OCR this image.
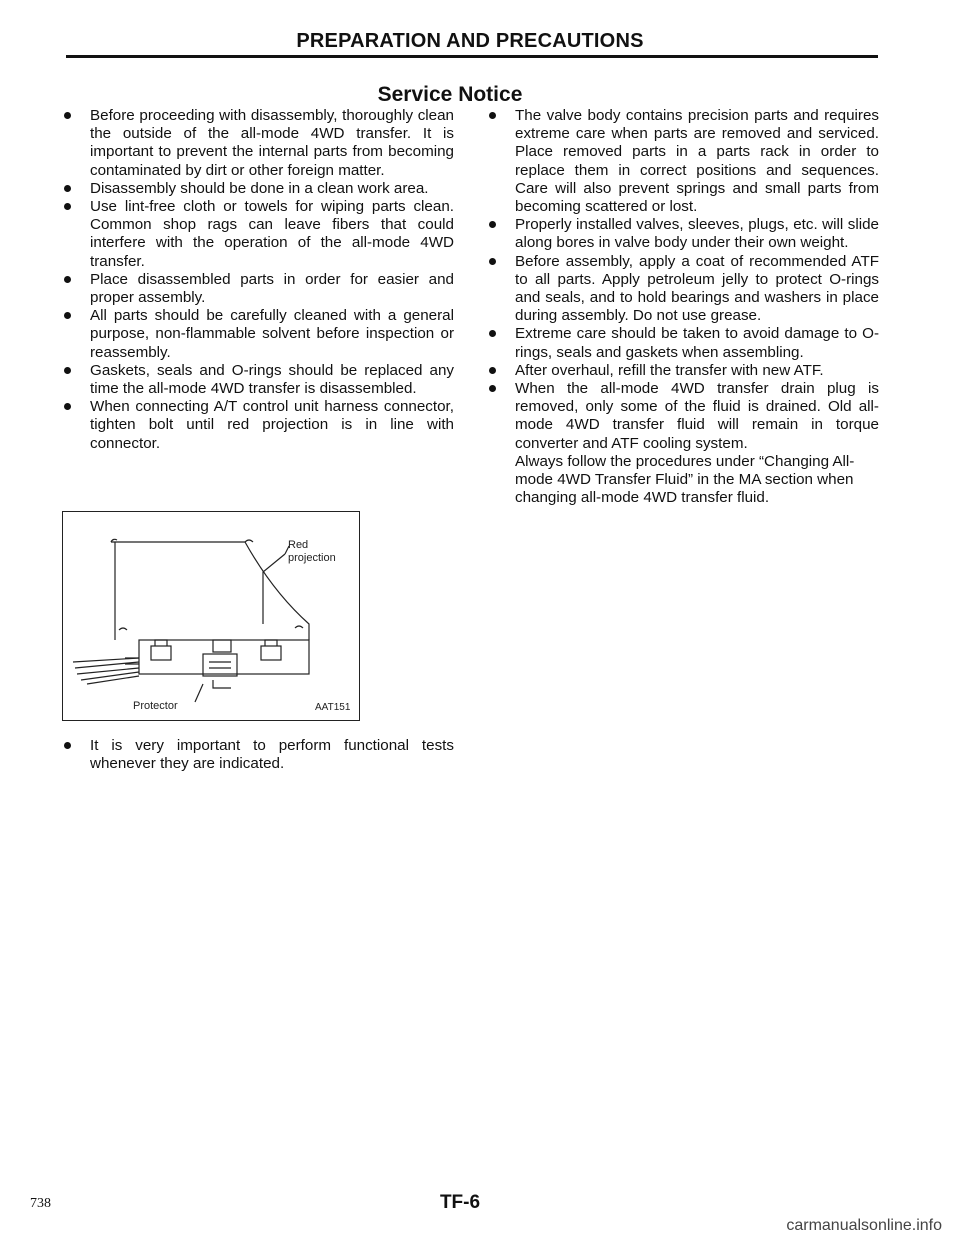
PREPARATION AND PRECAUTIONS
Service Notice

Before proceeding with disassembly, thoroughly clean the outside of the all-mode 4WD transfer. It is important to prevent the internal parts from becoming contaminated by dirt or other foreign matter.

Disassembly should be done in a clean work area.

Use lint-free cloth or towels for wiping parts clean. Common shop rags can leave fibers that could interfere with the operation of the all-mode 4WD transfer.

Place disassembled parts in order for easier and proper assembly.

All parts should be carefully cleaned with a general purpose, non-flammable solvent before inspection or reassembly.

Gaskets, seals and O-rings should be replaced any time the all-mode 4WD transfer is disassembled.

When connecting A/T control unit harness connector, tighten bolt until red projection is in line with connector.

Red
projection
Protector	AAT151

It is very important to perform functional tests whenever they are indicated.

The valve body contains precision parts and requires extreme care when parts are removed and serviced. Place removed parts in a parts rack in order to replace them in correct positions and sequences. Care will also prevent springs and small parts from becoming scattered or lost.

Properly installed valves, sleeves, plugs, etc. will slide along bores in valve body under their own weight.

Before assembly, apply a coat of recommended ATF to all parts. Apply petroleum jelly to protect O-rings and seals, and to hold bearings and washers in place during assembly. Do not use grease.

Extreme care should be taken to avoid damage to O-rings, seals and gaskets when assembling.

After overhaul, refill the transfer with new ATF.

When the all-mode 4WD transfer drain plug is removed, only some of the fluid is drained. Old all-mode 4WD transfer fluid will remain in torque converter and ATF cooling system.

Always follow the procedures under “Changing All-mode 4WD Transfer Fluid” in the MA section when changing all-mode 4WD transfer fluid.

738	TF-6
carmanualsonline.info
